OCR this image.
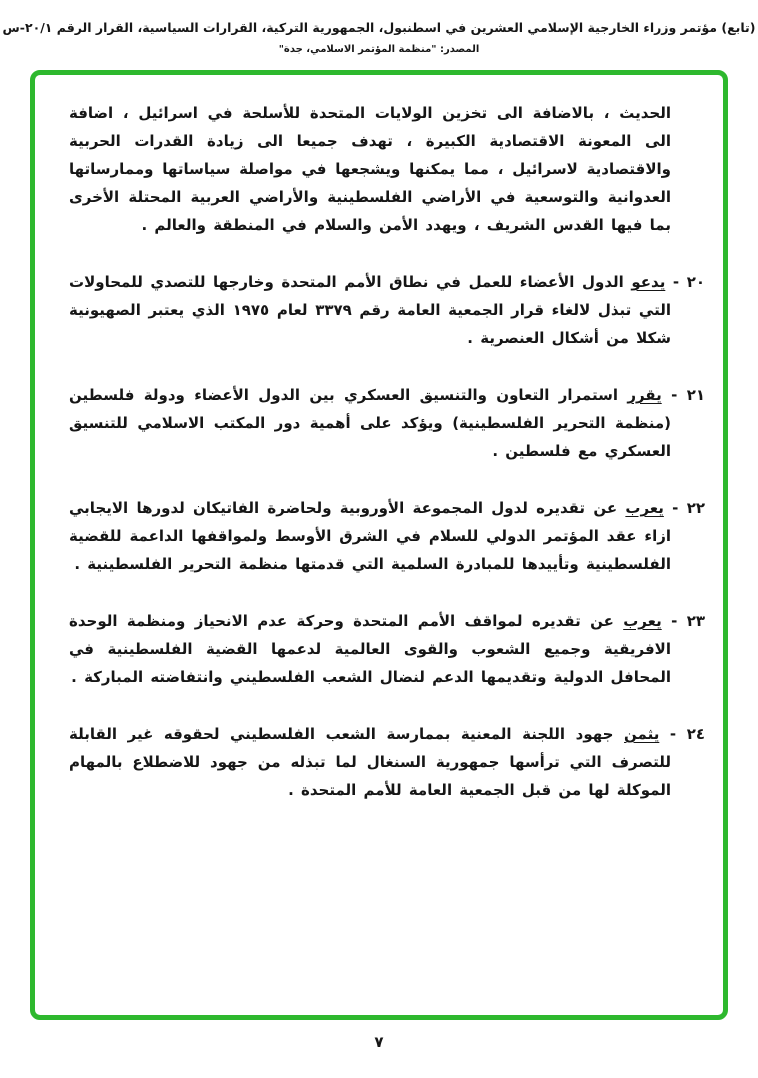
(تابع) مؤتمر وزراء الخارجية الإسلامي العشرين في اسطنبول، الجمهورية التركية، القرارات السياسية، القرار الرقم ٢٠/١-س
المصدر: "منظمة المؤتمر الاسلامي، جدة"

الحديث ، بالاضافة الى تخزين الولايات المتحدة للأسلحة في اسرائيل ، اضافة الى المعونة الاقتصادية الكبيرة ، تهدف جميعا الى زيادة القدرات الحربية والاقتصادية لاسرائيل ، مما يمكنها ويشجعها في مواصلة سياساتها وممارساتها العدوانية والتوسعية في الأراضي الفلسطينية والأراضي العربية المحتلة الأخرى بما فيها القدس الشريف ، ويهدد الأمن والسلام في المنطقة والعالم .

٢٠ - يدعو الدول الأعضاء للعمل في نطاق الأمم المتحدة وخارجها للتصدي للمحاولات التي تبذل لالغاء قرار الجمعية العامة رقم ٣٣٧٩ لعام ١٩٧٥ الذي يعتبر الصهيونية شكلا من أشكال العنصرية .

٢١ - يقرر استمرار التعاون والتنسيق العسكري بين الدول الأعضاء ودولة فلسطين (منظمة التحرير الفلسطينية) ويؤكد على أهمية دور المكتب الاسلامي للتنسيق العسكري مع فلسطين .

٢٢ - يعرب عن تقديره لدول المجموعة الأوروبية ولحاضرة الفاتيكان لدورها الايجابي ازاء عقد المؤتمر الدولي للسلام في الشرق الأوسط ولمواقفها الداعمة للقضية الفلسطينية وتأييدها للمبادرة السلمية التي قدمتها منظمة التحرير الفلسطينية .

٢٣ - يعرب عن تقديره لمواقف الأمم المتحدة وحركة عدم الانحياز ومنظمة الوحدة الافريقية وجميع الشعوب والقوى العالمية لدعمها القضية الفلسطينية في المحافل الدولية وتقديمها الدعم لنضال الشعب الفلسطيني وانتفاضته المباركة .

٢٤ - يثمن جهود اللجنة المعنية بممارسة الشعب الفلسطيني لحقوقه غير القابلة للتصرف التي ترأسها جمهورية السنغال لما تبذله من جهود للاضطلاع بالمهام الموكلة لها من قبل الجمعية العامة للأمم المتحدة .

٧
